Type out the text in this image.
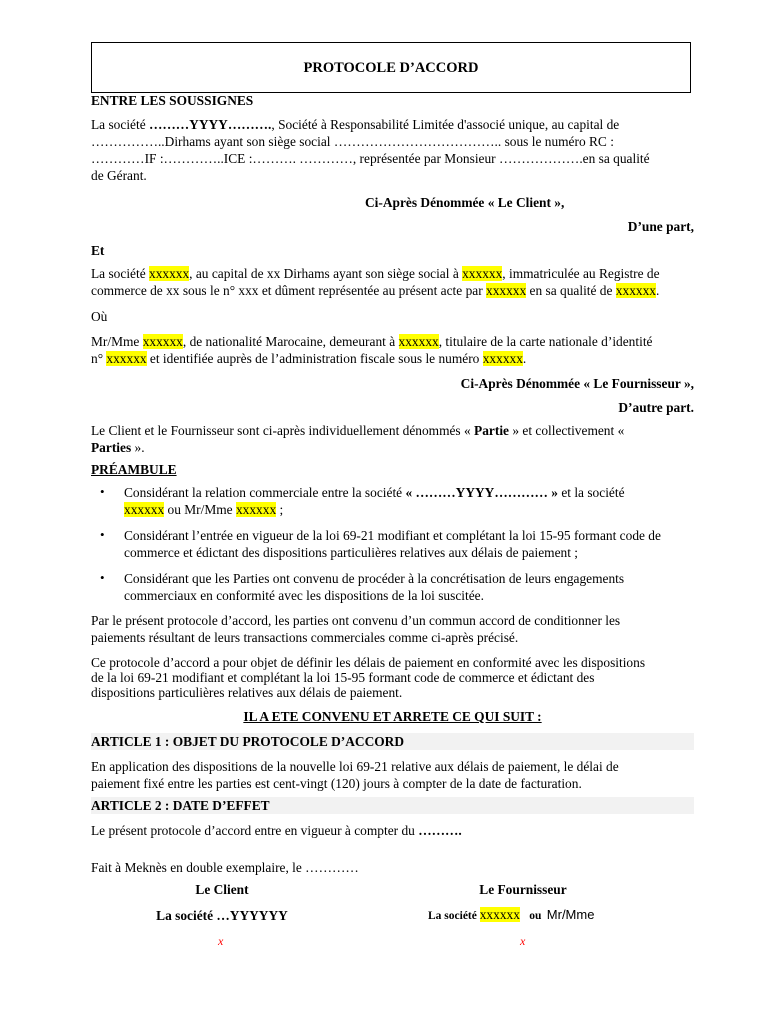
PROTOCOLE D’ACCORD
ENTRE LES SOUSSIGNES
La société ………YYYY………., Société à Responsabilité Limitée d'associé unique, au capital de
……………..Dirhams ayant son siège social ……………………………….. sous le numéro RC :
…………IF :…………..ICE :………. …………, représentée par Monsieur ……………….en sa qualité
de Gérant.
Ci-Après Dénommée « Le Client »,
D’une part,
Et
La société xxxxxx, au capital de xx Dirhams ayant son siège social à xxxxxx, immatriculée au Registre de
commerce de xx sous le n° xxx et dûment représentée au présent acte par xxxxxx en sa qualité de xxxxxx.
Où
Mr/Mme xxxxxx, de nationalité Marocaine, demeurant à xxxxxx, titulaire de la carte nationale d’identité
n° xxxxxx et identifiée auprès de l’administration fiscale sous le numéro xxxxxx.
Ci-Après Dénommée « Le Fournisseur »,
D’autre part.
Le Client et le Fournisseur sont ci-après individuellement dénommés « Partie » et collectivement «
Parties ».
PRÉAMBULE
•	Considérant la relation commerciale entre la société « ………YYYY………… » et la société
xxxxxx ou Mr/Mme xxxxxx ;
•	Considérant l’entrée en vigueur de la loi 69-21 modifiant et complétant la loi 15-95 formant code de
commerce et édictant des dispositions particulières relatives aux délais de paiement ;
•	Considérant que les Parties ont convenu de procéder à la concrétisation de leurs engagements
commerciaux en conformité avec les dispositions de la loi suscitée.
Par le présent protocole d’accord, les parties ont convenu d’un commun accord de conditionner les
paiements résultant de leurs transactions commerciales comme ci-après précisé.
Ce protocole d’accord a pour objet de définir les délais de paiement en conformité avec les dispositions
de la loi 69-21 modifiant et complétant la loi 15-95 formant code de commerce et édictant des
dispositions particulières relatives aux délais de paiement.
IL A ETE CONVENU ET ARRETE CE QUI SUIT :
ARTICLE 1 : OBJET DU PROTOCOLE D’ACCORD
En application des dispositions de la nouvelle loi 69-21 relative aux délais de paiement, le délai de
paiement fixé entre les parties est cent-vingt (120) jours à compter de la date de facturation.
ARTICLE 2 : DATE D’EFFET
Le présent protocole d’accord entre en vigueur à compter du ……….
Fait à Meknès en double exemplaire, le …………
Le Client
La société …YYYYYY
x
Le Fournisseur
La société xxxxxx ou Mr/Mme
x
